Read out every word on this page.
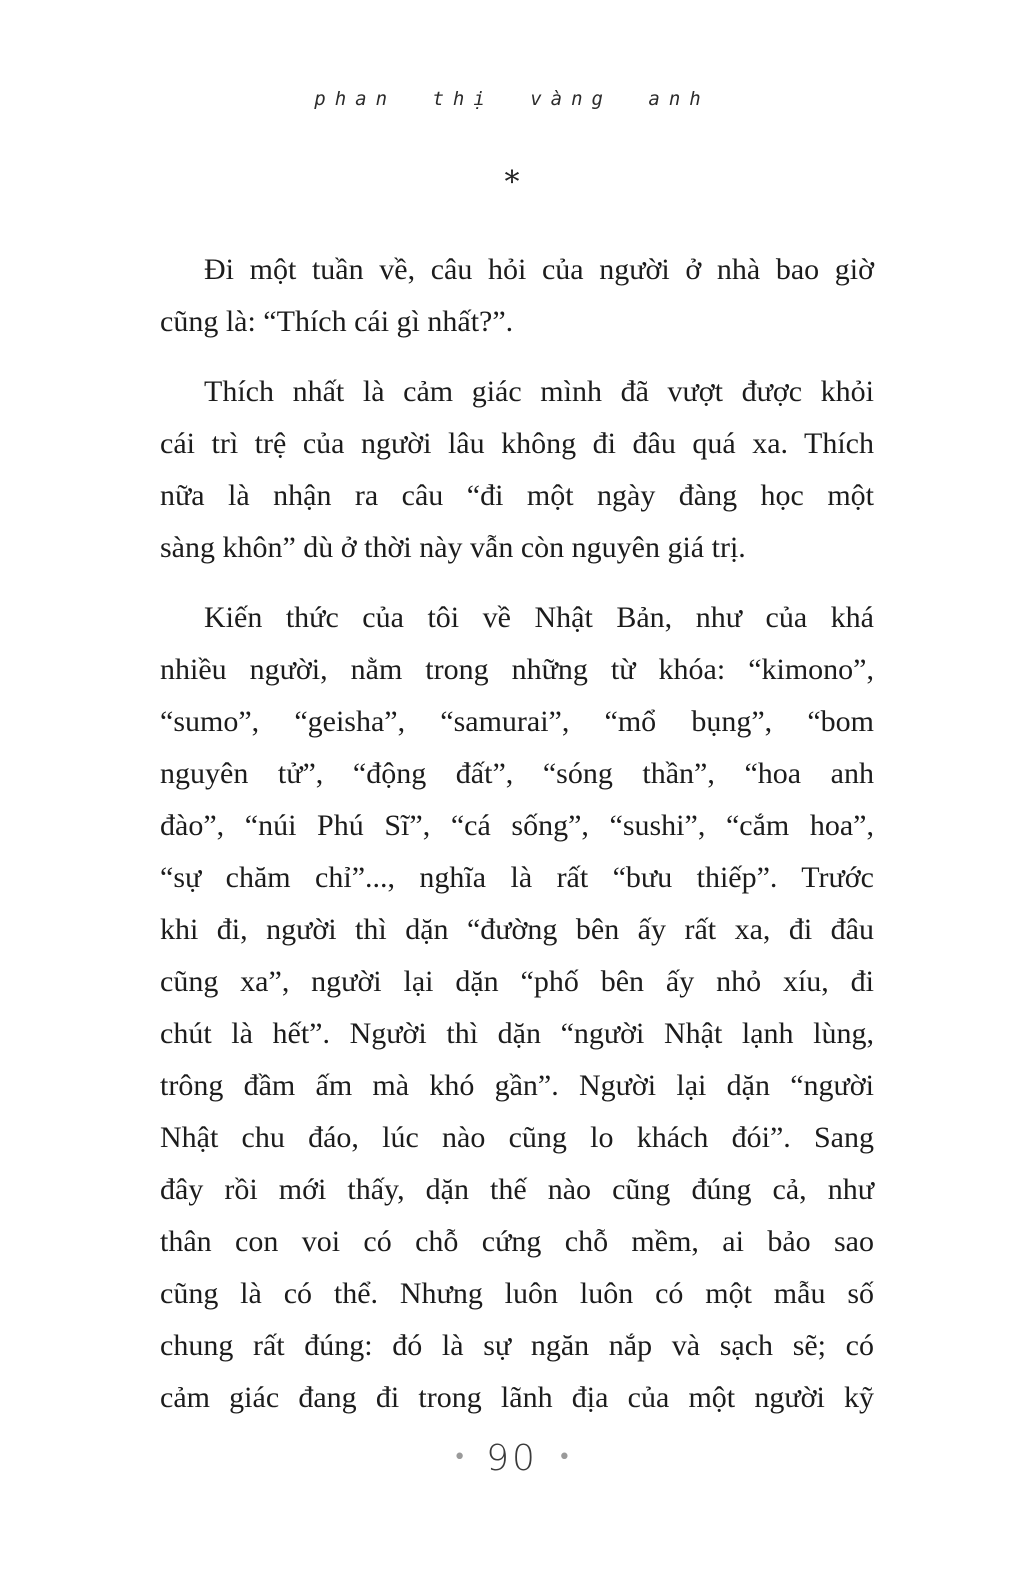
phan thị vàng anh
*
Đi một tuần về, câu hỏi của người ở nhà bao giờ
cũng là: “Thích cái gì nhất?”.
Thích nhất là cảm giác mình đã vượt được khỏi
cái trì trệ của người lâu không đi đâu quá xa. Thích
nữa là nhận ra câu “đi một ngày đàng học một
sàng khôn” dù ở thời này vẫn còn nguyên giá trị.
Kiến thức của tôi về Nhật Bản, như của khá
nhiều người, nằm trong những từ khóa: “kimono”,
“sumo”, “geisha”, “samurai”, “mổ bụng”, “bom
nguyên tử”, “động đất”, “sóng thần”, “hoa anh
đào”, “núi Phú Sĩ”, “cá sống”, “sushi”, “cắm hoa”,
“sự chăm chỉ”..., nghĩa là rất “bưu thiếp”. Trước
khi đi, người thì dặn “đường bên ấy rất xa, đi đâu
cũng xa”, người lại dặn “phố bên ấy nhỏ xíu, đi
chút là hết”. Người thì dặn “người Nhật lạnh lùng,
trông đầm ấm mà khó gần”. Người lại dặn “người
Nhật chu đáo, lúc nào cũng lo khách đói”. Sang
đây rồi mới thấy, dặn thế nào cũng đúng cả, như
thân con voi có chỗ cứng chỗ mềm, ai bảo sao
cũng là có thể. Nhưng luôn luôn có một mẫu số
chung rất đúng: đó là sự ngăn nắp và sạch sẽ; có
cảm giác đang đi trong lãnh địa của một người kỹ
• 90 •
